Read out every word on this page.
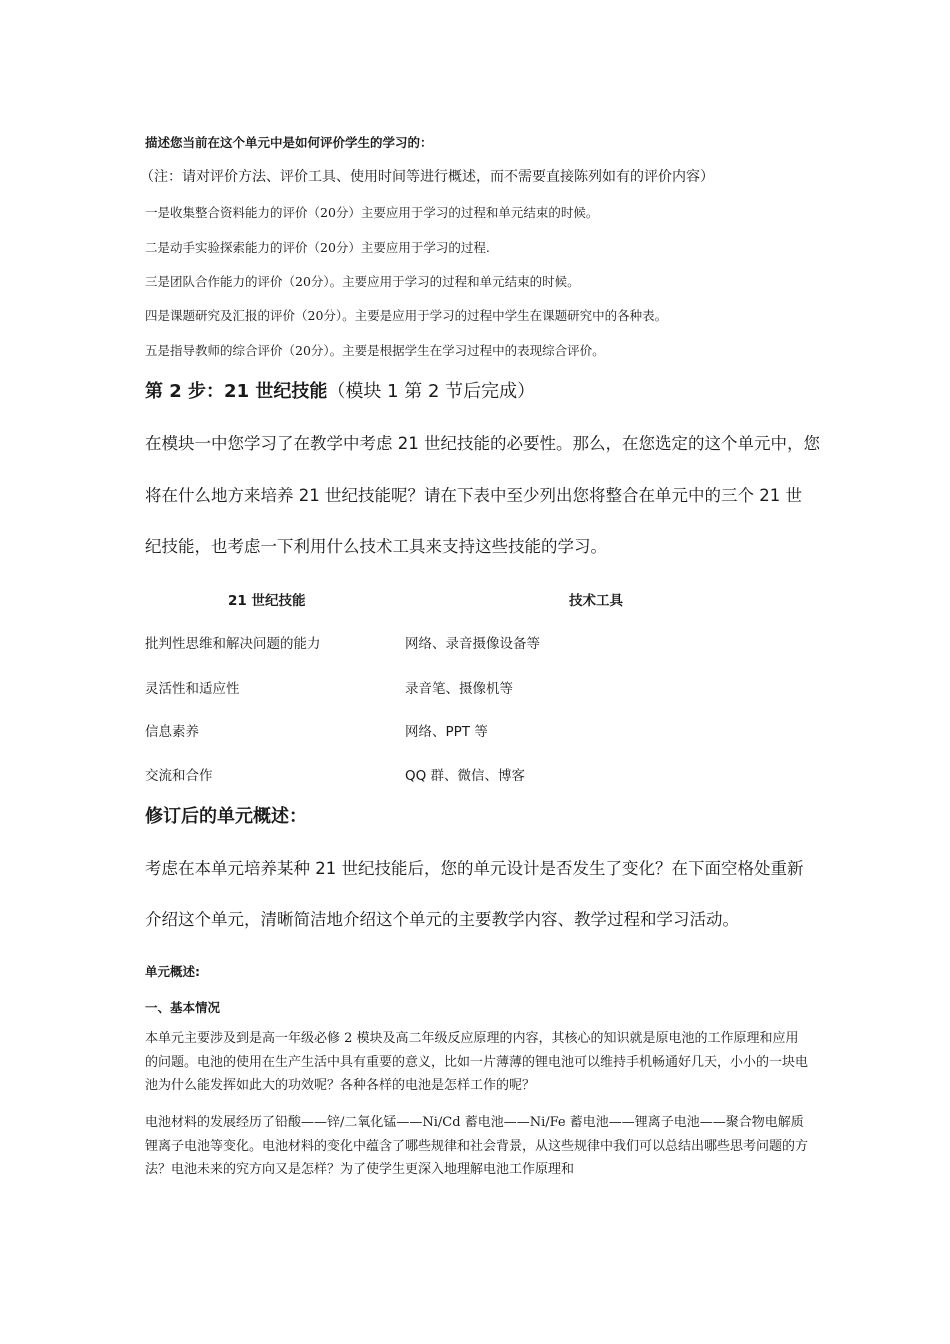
描述您当前在这个单元中是如何评价学生的学习的：
（注：请对评价方法、评价工具、使用时间等进行概述，而不需要直接陈列如有的评价内容）
一是收集整合资料能力的评价（20分）主要应用于学习的过程和单元结束的时候。
二是动手实验探索能力的评价（20分）主要应用于学习的过程.
三是团队合作能力的评价（20分）。主要应用于学习的过程和单元结束的时候。
四是课题研究及汇报的评价（20分）。主要是应用于学习的过程中学生在课题研究中的各种表。
五是指导教师的综合评价（20分）。主要是根据学生在学习过程中的表现综合评价。
第 2 步：21 世纪技能（模块 1 第 2 节后完成）
在模块一中您学习了在教学中考虑 21 世纪技能的必要性。那么，在您选定的这个单元中，您
将在什么地方来培养 21 世纪技能呢？请在下表中至少列出您将整合在单元中的三个 21 世
纪技能，也考虑一下利用什么技术工具来支持这些技能的学习。
21 世纪技能	技术工具
批判性思维和解决问题的能力	网络、录音摄像设备等
灵活性和适应性	录音笔、摄像机等
信息素养	网络、PPT 等
交流和合作	QQ 群、微信、博客
修订后的单元概述：
考虑在本单元培养某种 21 世纪技能后，您的单元设计是否发生了变化？在下面空格处重新
介绍这个单元，清晰简洁地介绍这个单元的主要教学内容、教学过程和学习活动。
单元概述:
一、基本情况
本单元主要涉及到是高一年级必修 2 模块及高二年级反应原理的内容，其核心的知识就是原电池的工作原理和应用的问题。电池的使用在生产生活中具有重要的意义，比如一片薄薄的锂电池可以维持手机畅通好几天，小小的一块电池为什么能发挥如此大的功效呢？各种各样的电池是怎样工作的呢？
电池材料的发展经历了铅酸——锌/二氧化锰——Ni/Cd 蓄电池——Ni/Fe 蓄电池——锂离子电池——聚合物电解质锂离子电池等变化。电池材料的变化中蕴含了哪些规律和社会背景，从这些规律中我们可以总结出哪些思考问题的方法？电池未来的究方向又是怎样？为了使学生更深入地理解电池工作原理和
